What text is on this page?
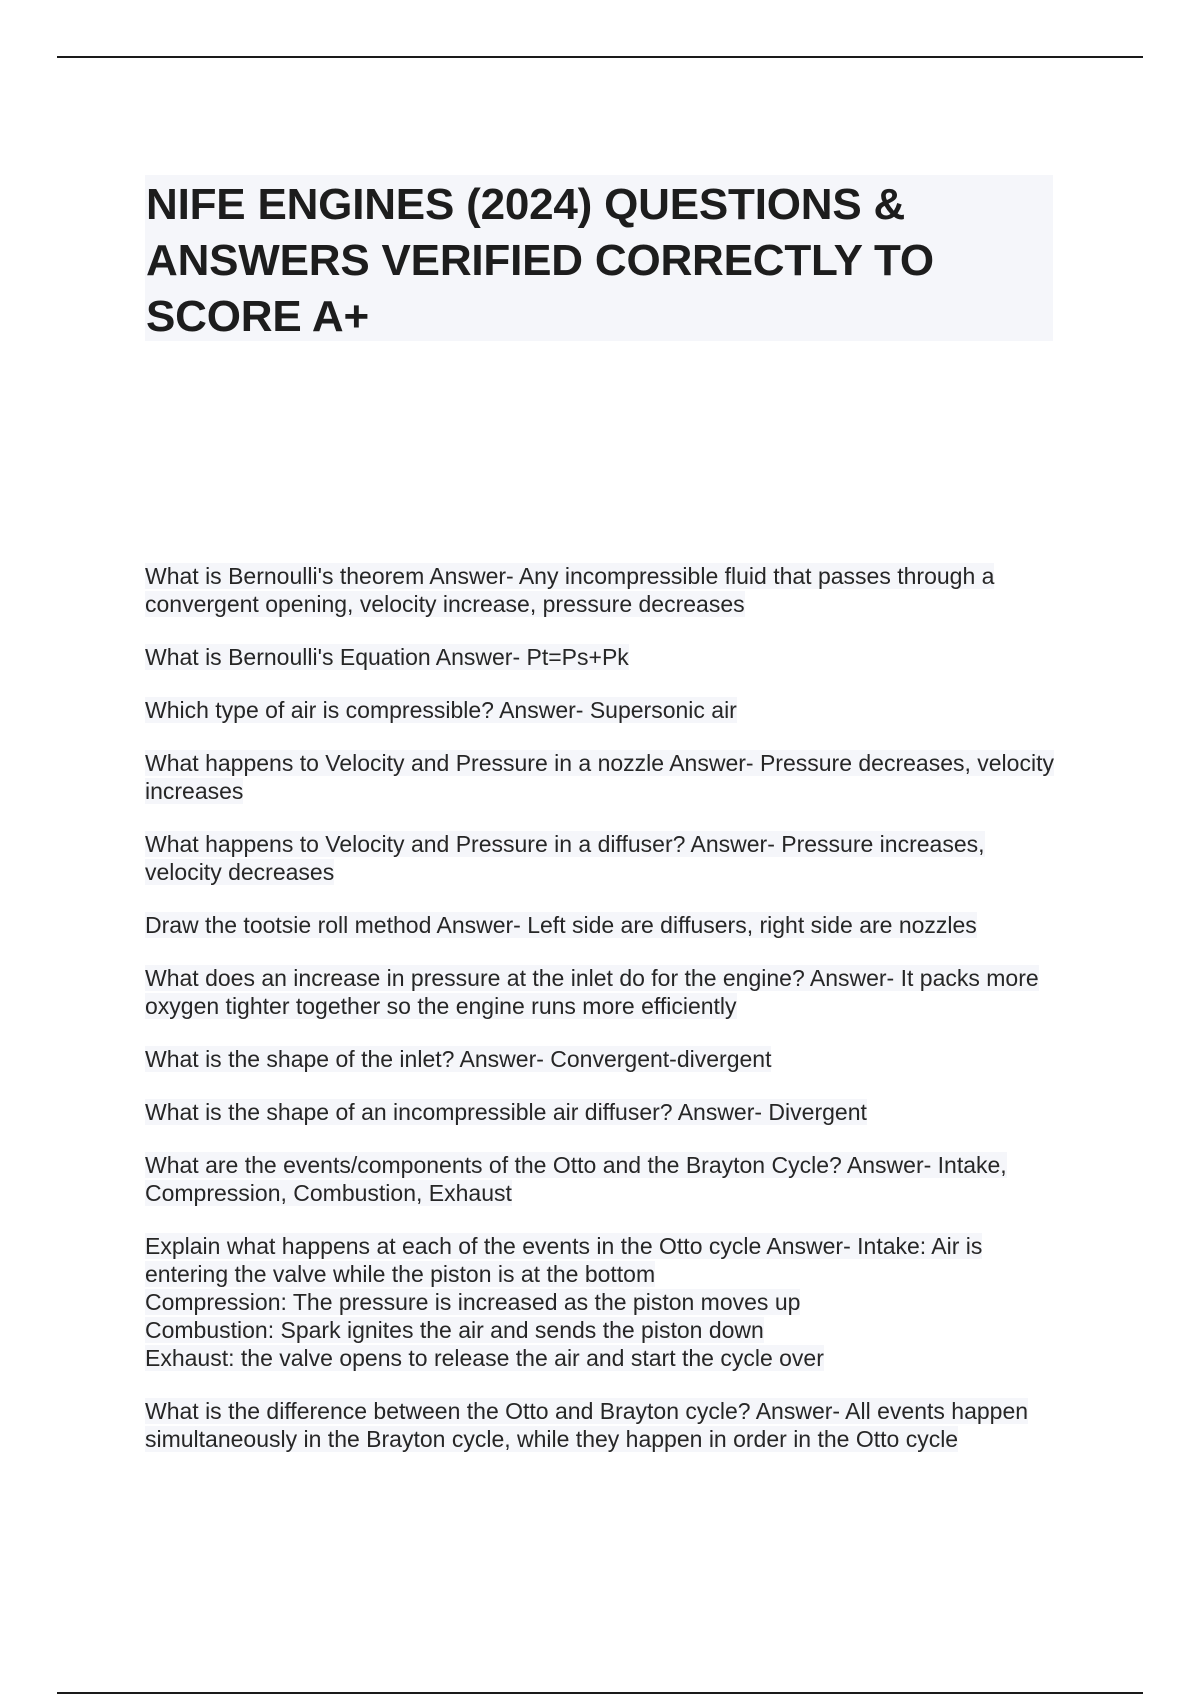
NIFE ENGINES (2024) QUESTIONS & ANSWERS VERIFIED CORRECTLY TO SCORE A+
What is Bernoulli's theorem Answer- Any incompressible fluid that passes through a convergent opening, velocity increase, pressure decreases
What is Bernoulli's Equation Answer- Pt=Ps+Pk
Which type of air is compressible? Answer- Supersonic air
What happens to Velocity and Pressure in a nozzle Answer- Pressure decreases, velocity increases
What happens to Velocity and Pressure in a diffuser? Answer- Pressure increases, velocity decreases
Draw the tootsie roll method Answer- Left side are diffusers, right side are nozzles
What does an increase in pressure at the inlet do for the engine? Answer- It packs more oxygen tighter together so the engine runs more efficiently
What is the shape of the inlet? Answer- Convergent-divergent
What is the shape of an incompressible air diffuser? Answer- Divergent
What are the events/components of the Otto and the Brayton Cycle? Answer- Intake, Compression, Combustion, Exhaust
Explain what happens at each of the events in the Otto cycle Answer- Intake: Air is entering the valve while the piston is at the bottom
Compression: The pressure is increased as the piston moves up
Combustion: Spark ignites the air and sends the piston down
Exhaust: the valve opens to release the air and start the cycle over
What is the difference between the Otto and Brayton cycle? Answer- All events happen simultaneously in the Brayton cycle, while they happen in order in the Otto cycle
